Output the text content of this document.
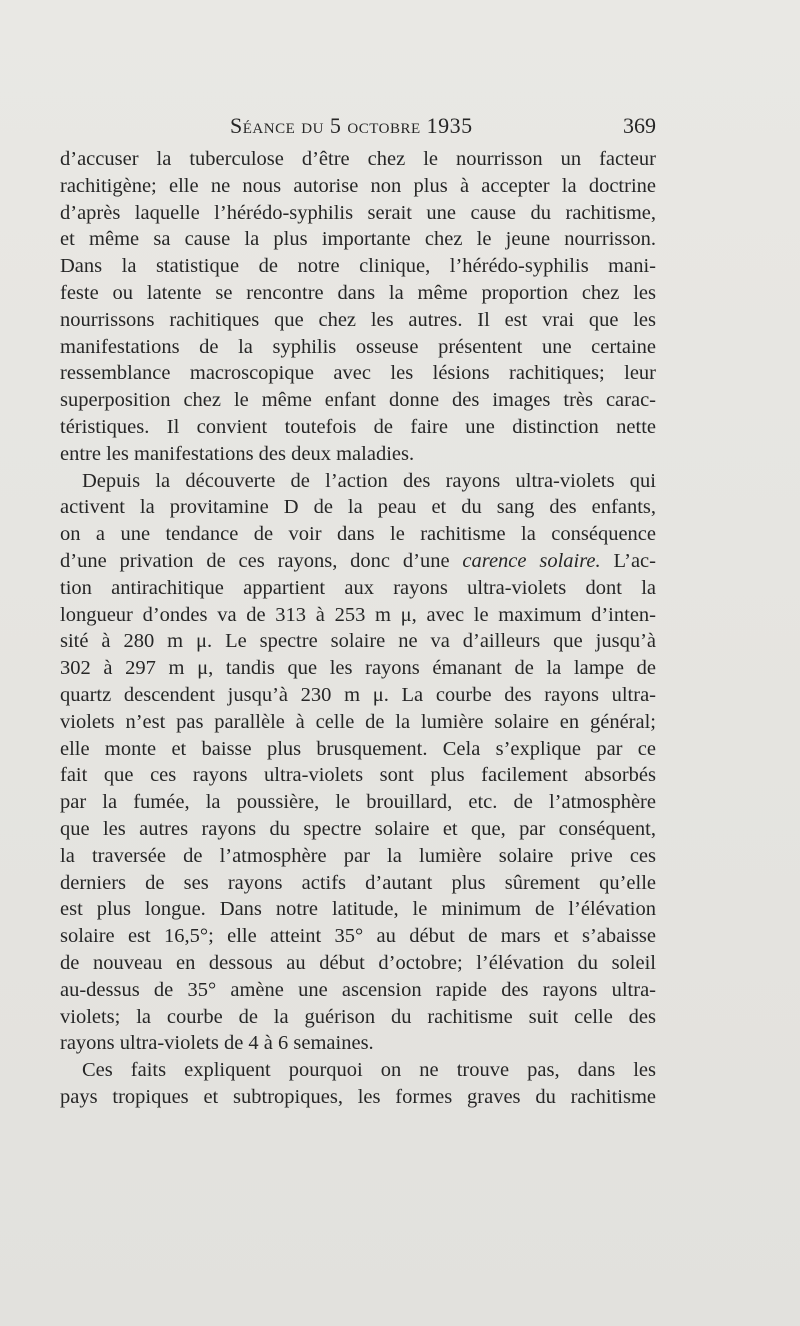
Séance du 5 octobre 1935	369
d’accuser la tuberculose d’être chez le nourrisson un facteur
rachitigène; elle ne nous autorise non plus à accepter la doctrine
d’après laquelle l’hérédo-syphilis serait une cause du rachitisme,
et même sa cause la plus importante chez le jeune nourrisson.
Dans la statistique de notre clinique, l’hérédo-syphilis mani-
feste ou latente se rencontre dans la même proportion chez les
nourrissons rachitiques que chez les autres. Il est vrai que les
manifestations de la syphilis osseuse présentent une certaine
ressemblance macroscopique avec les lésions rachitiques; leur
superposition chez le même enfant donne des images très carac-
téristiques. Il convient toutefois de faire une distinction nette
entre les manifestations des deux maladies.
Depuis la découverte de l’action des rayons ultra-violets qui
activent la provitamine D de la peau et du sang des enfants,
on a une tendance de voir dans le rachitisme la conséquence
d’une privation de ces rayons, donc d’une carence solaire. L’ac-
tion antirachitique appartient aux rayons ultra-violets dont la
longueur d’ondes va de 313 à 253 m μ, avec le maximum d’inten-
sité à 280 m μ. Le spectre solaire ne va d’ailleurs que jusqu’à
302 à 297 m μ, tandis que les rayons émanant de la lampe de
quartz descendent jusqu’à 230 m μ. La courbe des rayons ultra-
violets n’est pas parallèle à celle de la lumière solaire en général;
elle monte et baisse plus brusquement. Cela s’explique par ce
fait que ces rayons ultra-violets sont plus facilement absorbés
par la fumée, la poussière, le brouillard, etc. de l’atmosphère
que les autres rayons du spectre solaire et que, par conséquent,
la traversée de l’atmosphère par la lumière solaire prive ces
derniers de ses rayons actifs d’autant plus sûrement qu’elle
est plus longue. Dans notre latitude, le minimum de l’élévation
solaire est 16,5°; elle atteint 35° au début de mars et s’abaisse
de nouveau en dessous au début d’octobre; l’élévation du soleil
au-dessus de 35° amène une ascension rapide des rayons ultra-
violets; la courbe de la guérison du rachitisme suit celle des
rayons ultra-violets de 4 à 6 semaines.
Ces faits expliquent pourquoi on ne trouve pas, dans les
pays tropiques et subtropiques, les formes graves du rachitisme
